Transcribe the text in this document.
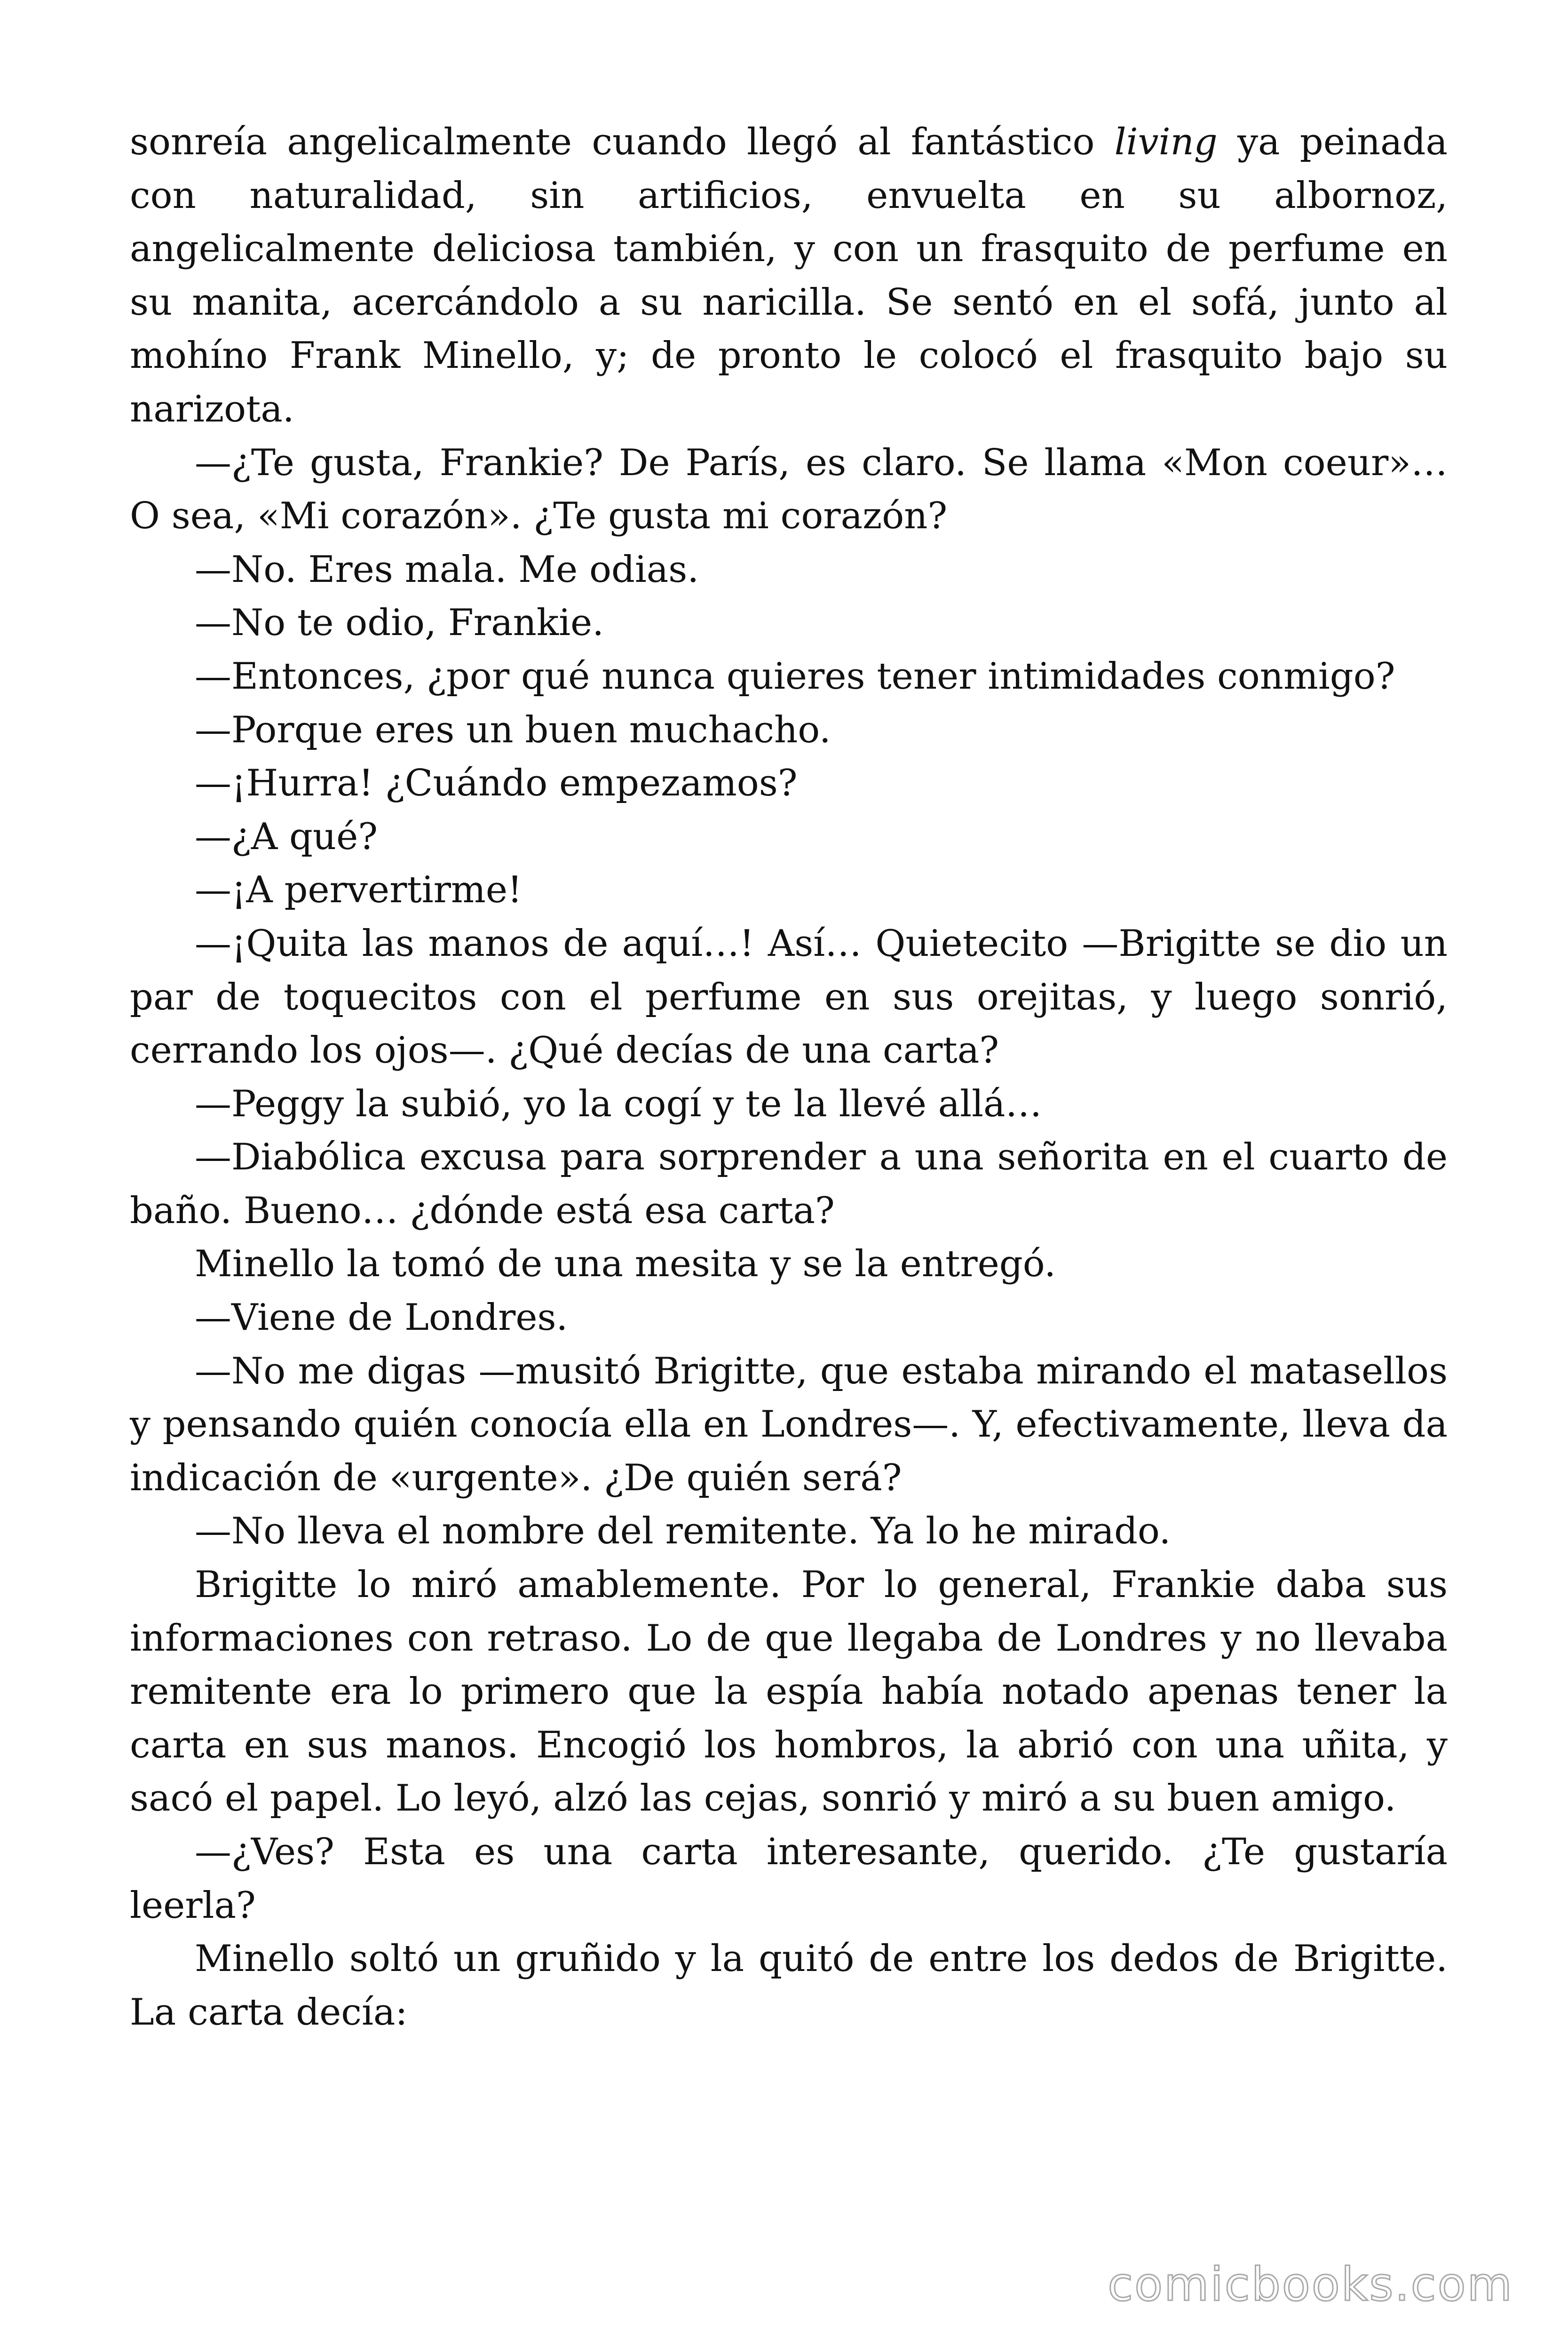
sonreía angelicalmente cuando llegó al fantástico living ya peinada con naturalidad, sin artificios, envuelta en su albornoz, angelicalmente deliciosa también, y con un frasquito de perfume en su manita, acercándolo a su naricilla. Se sentó en el sofá, junto al mohíno Frank Minello, y; de pronto le colocó el frasquito bajo su narizota.

—¿Te gusta, Frankie? De París, es claro. Se llama «Mon coeur»… O sea, «Mi corazón». ¿Te gusta mi corazón?

—No. Eres mala. Me odias.

—No te odio, Frankie.

—Entonces, ¿por qué nunca quieres tener intimidades conmigo?

—Porque eres un buen muchacho.

—¡Hurra! ¿Cuándo empezamos?

—¿A qué?

—¡A pervertirme!

—¡Quita las manos de aquí…! Así… Quietecito —Brigitte se dio un par de toquecitos con el perfume en sus orejitas, y luego sonrió, cerrando los ojos—. ¿Qué decías de una carta?

—Peggy la subió, yo la cogí y te la llevé allá…

—Diabólica excusa para sorprender a una señorita en el cuarto de baño. Bueno… ¿dónde está esa carta?

Minello la tomó de una mesita y se la entregó.

—Viene de Londres.

—No me digas —musitó Brigitte, que estaba mirando el matasellos y pensando quién conocía ella en Londres—. Y, efectivamente, lleva da indicación de «urgente». ¿De quién será?

—No lleva el nombre del remitente. Ya lo he mirado.

Brigitte lo miró amablemente. Por lo general, Frankie daba sus informaciones con retraso. Lo de que llegaba de Londres y no llevaba remitente era lo primero que la espía había notado apenas tener la carta en sus manos. Encogió los hombros, la abrió con una uñita, y sacó el papel. Lo leyó, alzó las cejas, sonrió y miró a su buen amigo.

—¿Ves? Esta es una carta interesante, querido. ¿Te gustaría leerla?

Minello soltó un gruñido y la quitó de entre los dedos de Brigitte. La carta decía:

comicbooks.com
